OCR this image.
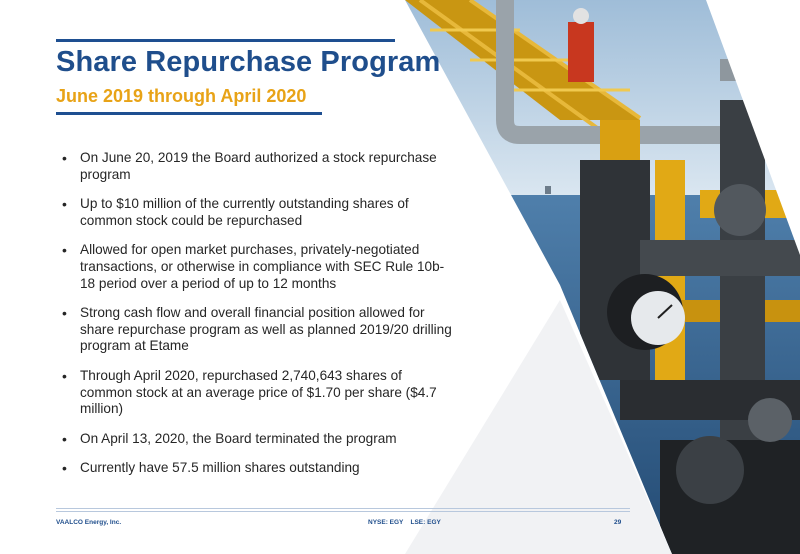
Share Repurchase Program
June 2019 through April 2020
• On June 20, 2019 the Board authorized a stock repurchase program
• Up to $10 million of the currently outstanding shares of common stock could be repurchased
• Allowed for open market purchases, privately-negotiated transactions, or otherwise in compliance with SEC Rule 10b-18 period over a period of up to 12 months
• Strong cash flow and overall financial position allowed for share repurchase program as well as planned 2019/20 drilling program at Etame
• Through April 2020, repurchased 2,740,643 shares of common stock at an average price of $1.70 per share ($4.7 million)
• On April 13, 2020, the Board terminated the program
• Currently have 57.5 million shares outstanding
VAALCO Energy, Inc.	NYSE: EGY    LSE: EGY	29
